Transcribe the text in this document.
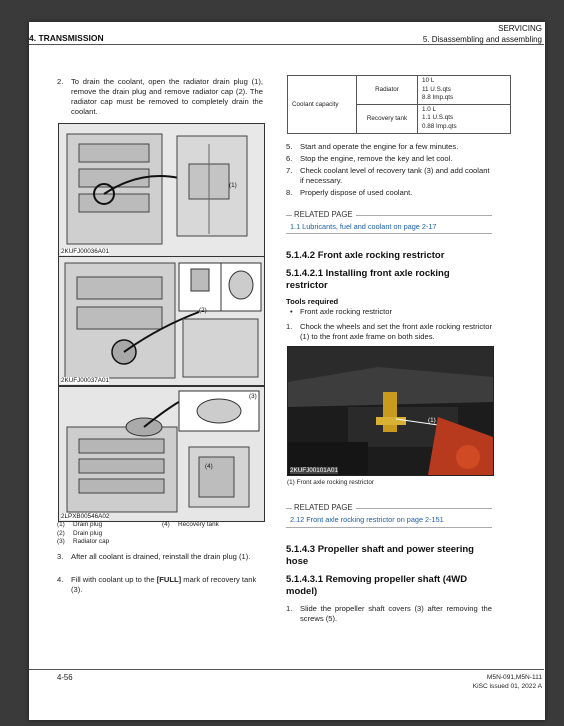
4. TRANSMISSION
SERVICING
5. Disassembling and assembling
2. To drain the coolant, open the radiator drain plug (1), remove the drain plug and remove radiator cap (2). The radiator cap must be removed to completely drain the coolant.
(1)
2KUFJ00036A01
(2)
2KUFJ00037A01
(3)
(4)
2LPXB00546A02
(1) Drain plug
(2) Drain plug
(3) Radiator cap
(4) Recovery tank
3. After all coolant is drained, reinstall the drain plug (1).
4. Fill with coolant up to the [FULL] mark of recovery tank (3).
Coolant capacity	Radiator	10 L
11 U.S.qts
8.8 Imp.qts

	Recovery tank	1.0 L
1.1 U.S.qts
0.88 Imp.qts
5. Start and operate the engine for a few minutes.
6. Stop the engine, remove the key and let cool.
7. Check coolant level of recovery tank (3) and add coolant if necessary.
8. Properly dispose of used coolant.
RELATED PAGE
1.1 Lubricants, fuel and coolant on page 2-17
5.1.4.2 Front axle rocking restrictor
5.1.4.2.1 Installing front axle rocking restrictor
Tools required
• Front axle rocking restrictor
1. Chock the wheels and set the front axle rocking restrictor (1) to the front axle frame on both sides.
(1)
2KUFJ00101A01
(1) Front axle rocking restrictor
RELATED PAGE
2.12 Front axle rocking restrictor on page 2-151
5.1.4.3 Propeller shaft and power steering hose
5.1.4.3.1 Removing propeller shaft (4WD model)
1. Slide the propeller shaft covers (3) after removing the screws (5).
4-56	M5N-091,M5N-111
KiSC issued 01, 2022 A
